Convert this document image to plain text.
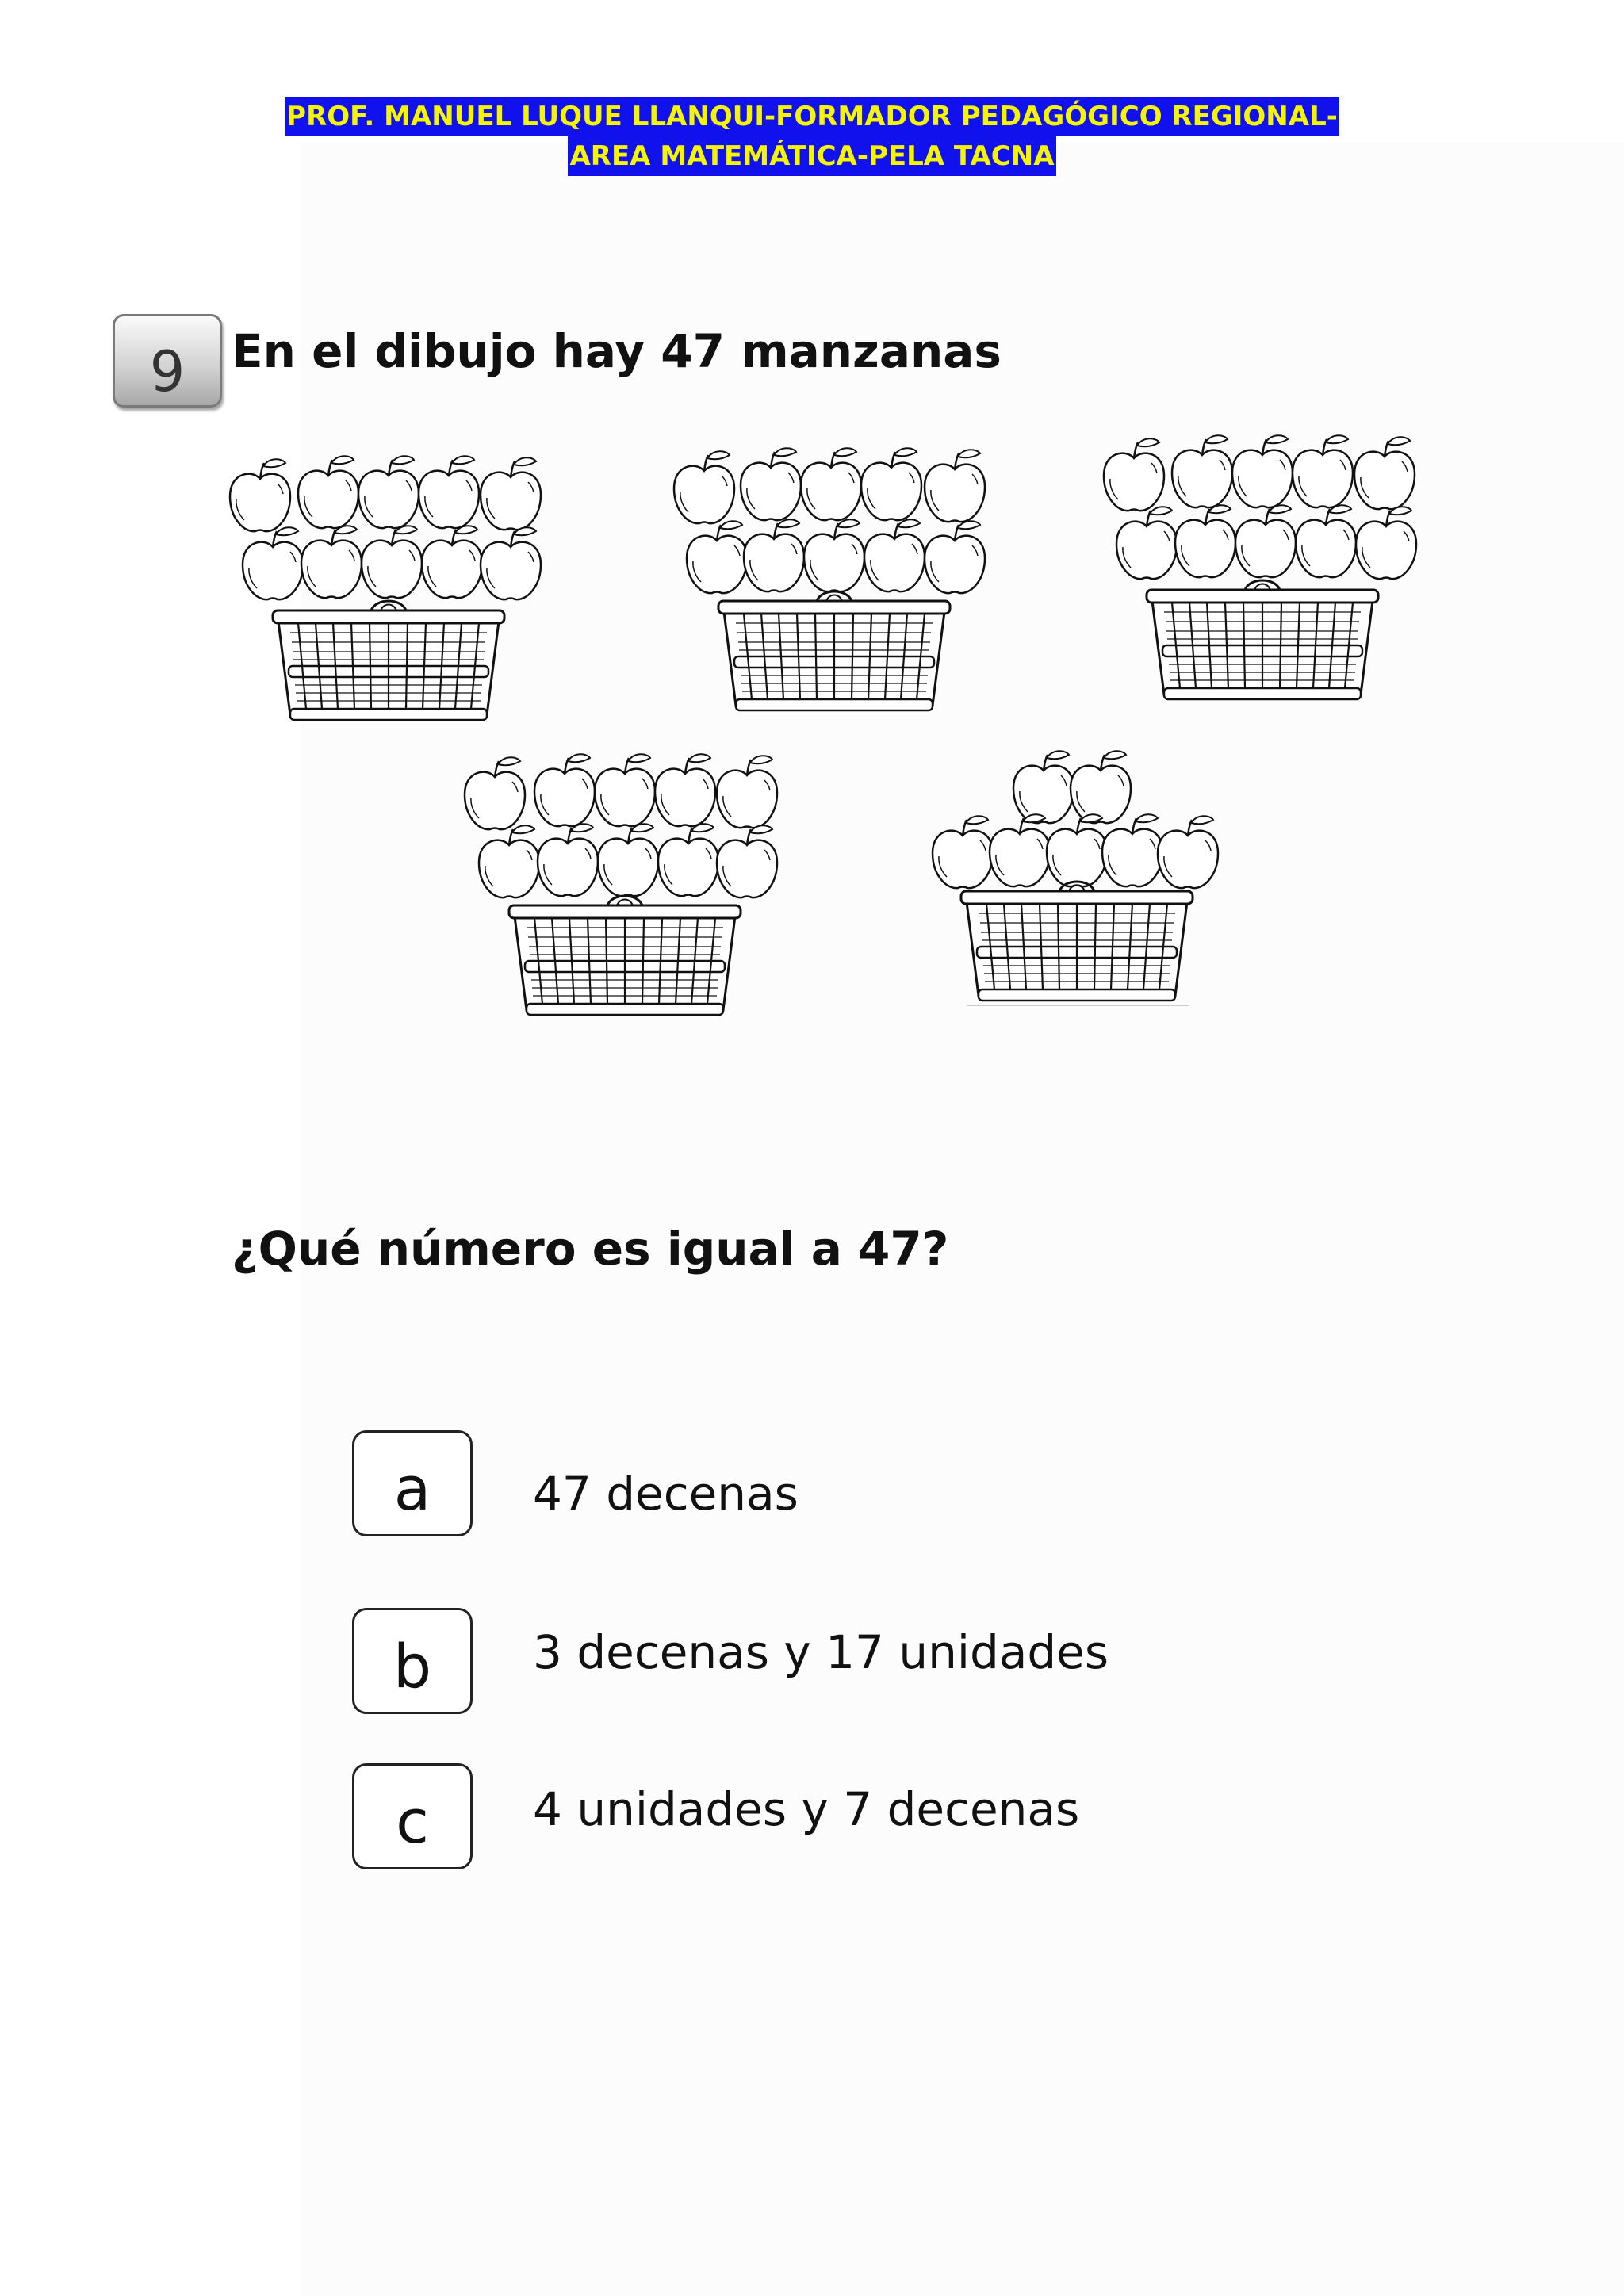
PROF. MANUEL LUQUE LLANQUI-FORMADOR PEDAGÓGICO REGIONAL-
AREA MATEMÁTICA-PELA TACNA
9	En el dibujo hay 47 manzanas
¿Qué número es igual a 47?
a	47 decenas
b	3 decenas y 17 unidades
c	4 unidades y 7 decenas
